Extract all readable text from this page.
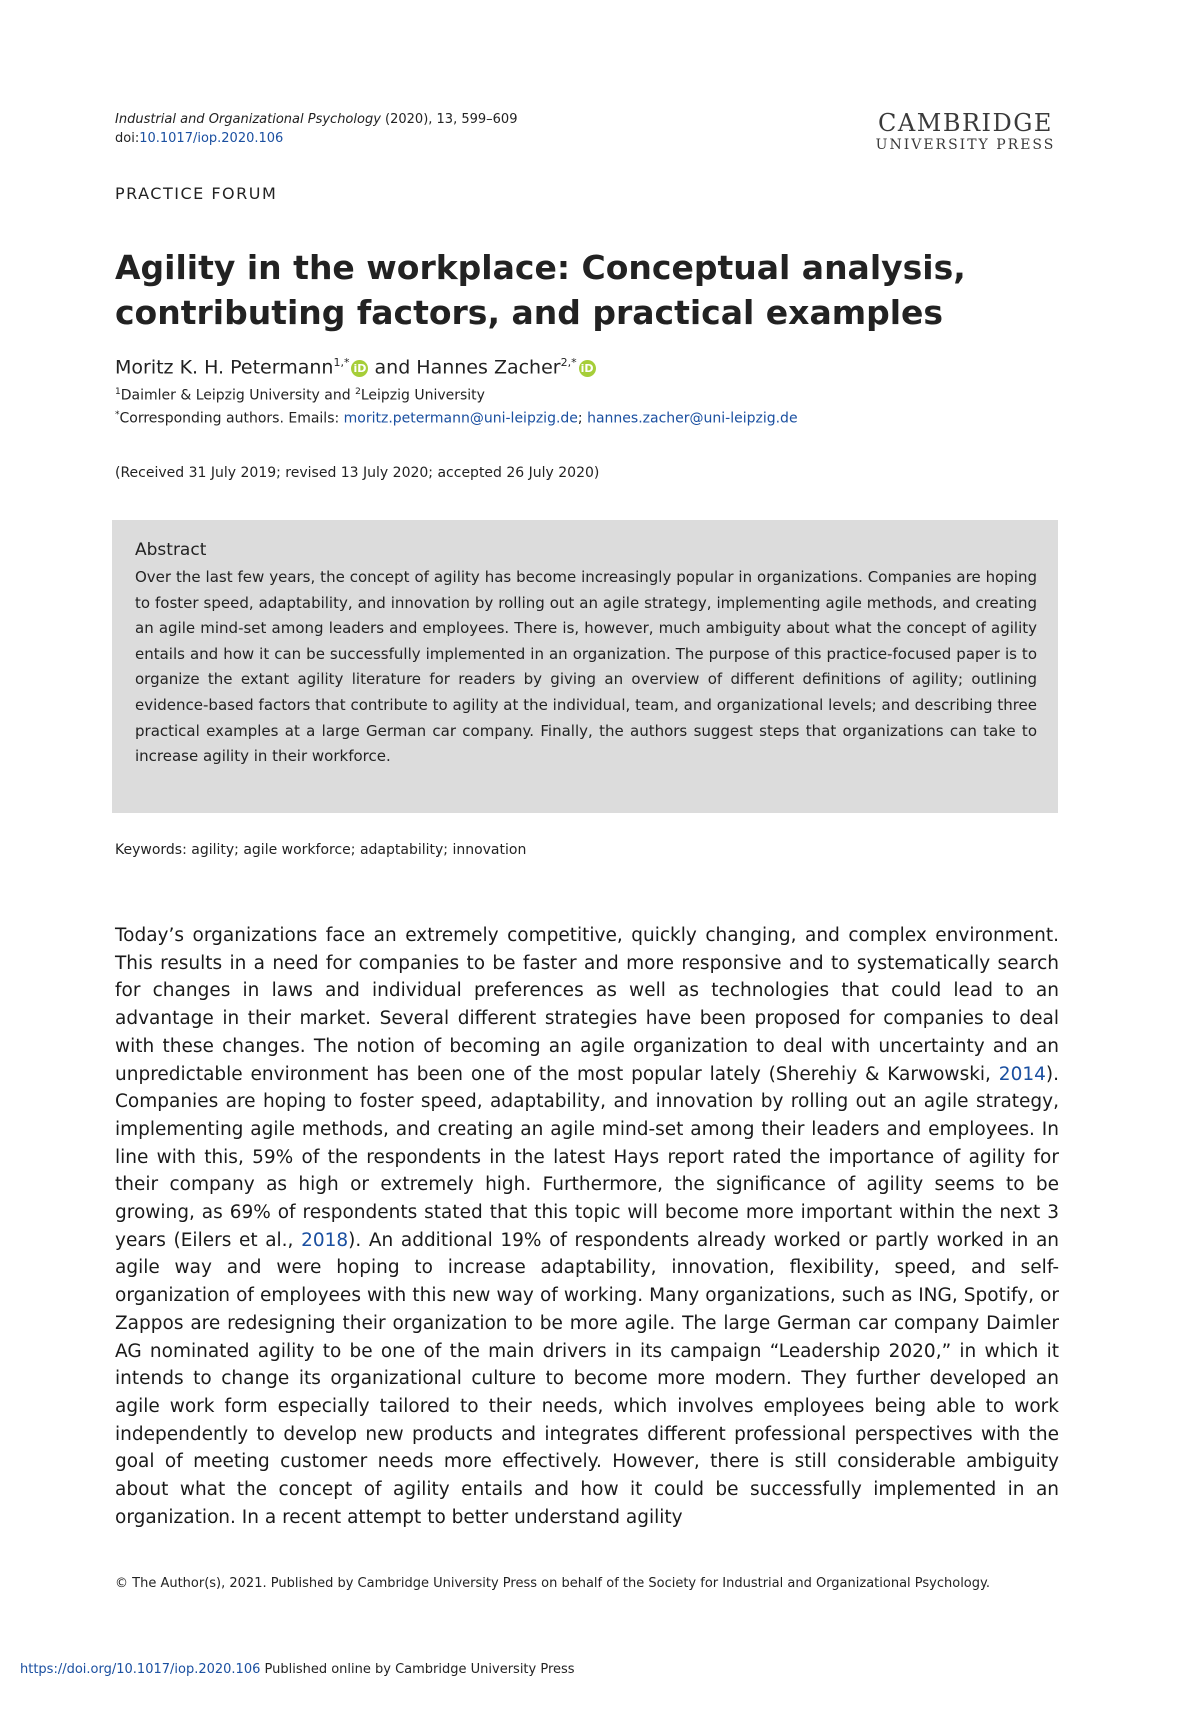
Industrial and Organizational Psychology (2020), 13, 599–609
doi:10.1017/iop.2020.106
CAMBRIDGE
UNIVERSITY PRESS
PRACTICE FORUM
Agility in the workplace: Conceptual analysis,
contributing factors, and practical examples
Moritz K. H. Petermann$^{1,*}$ iD and Hannes Zacher$^{2,*}$ iD
$^1$Daimler & Leipzig University and $^2$Leipzig University
*Corresponding authors. Emails: moritz.petermann@uni-leipzig.de; hannes.zacher@uni-leipzig.de
(Received 31 July 2019; revised 13 July 2020; accepted 26 July 2020)
Abstract

Over the last few years, the concept of agility has become increasingly popular in organizations. Companies are hoping to foster speed, adaptability, and innovation by rolling out an agile strategy, implementing agile methods, and creating an agile mind-set among leaders and employees. There is, however, much ambiguity about what the concept of agility entails and how it can be successfully implemented in an organization. The purpose of this practice-focused paper is to organize the extant agility literature for readers by giving an overview of different definitions of agility; outlining evidence-based factors that contribute to agility at the individual, team, and organizational levels; and describing three practical examples at a large German car company. Finally, the authors suggest steps that organizations can take to increase agility in their workforce.

Keywords: agility; agile workforce; adaptability; innovation

Today’s organizations face an extremely competitive, quickly changing, and complex environment. This results in a need for companies to be faster and more responsive and to systematically search for changes in laws and individual preferences as well as technologies that could lead to an advantage in their market. Several different strategies have been proposed for companies to deal with these changes. The notion of becoming an agile organization to deal with uncertainty and an unpredictable environment has been one of the most popular lately (Sherehiy & Karwowski, 2014). Companies are hoping to foster speed, adaptability, and innovation by rolling out an agile strategy, implementing agile methods, and creating an agile mind-set among their leaders and employees. In line with this, 59% of the respondents in the latest Hays report rated the importance of agility for their company as high or extremely high. Furthermore, the significance of agility seems to be growing, as 69% of respondents stated that this topic will become more important within the next 3 years (Eilers et al., 2018). An additional 19% of respondents already worked or partly worked in an agile way and were hoping to increase adaptability, innovation, flexibility, speed, and self-organization of employees with this new way of working. Many organizations, such as ING, Spotify, or Zappos are redesigning their organization to be more agile. The large German car company Daimler AG nominated agility to be one of the main drivers in its campaign “Leadership 2020,” in which it intends to change its organizational culture to become more modern. They further developed an agile work form especially tailored to their needs, which involves employees being able to work independently to develop new products and integrates different professional perspectives with the goal of meeting customer needs more effectively. However, there is still considerable ambiguity about what the concept of agility entails and how it could be successfully implemented in an organization. In a recent attempt to better understand agility

© The Author(s), 2021. Published by Cambridge University Press on behalf of the Society for Industrial and Organizational Psychology.
https://doi.org/10.1017/iop.2020.106 Published online by Cambridge University Press
